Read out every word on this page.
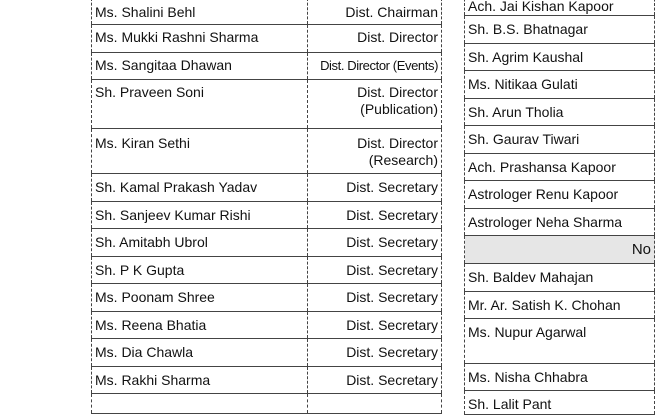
Ms. Shalini Behl	Dist. Chairman
Ms. Mukki Rashni Sharma	Dist. Director
Ms. Sangitaa Dhawan	Dist. Director (Events)
Sh. Praveen Soni	Dist. Director
(Publication)

Ms. Kiran Sethi	Dist. Director
(Research)

Sh. Kamal Prakash Yadav	Dist. Secretary
Sh. Sanjeev Kumar Rishi	Dist. Secretary
Sh. Amitabh Ubrol	Dist. Secretary
Sh. P K Gupta	Dist. Secretary
Ms. Poonam Shree	Dist. Secretary
Ms. Reena Bhatia	Dist. Secretary
Ms. Dia Chawla	Dist. Secretary
Ms. Rakhi Sharma	Dist. Secretary

Ach. Jai Kishan Kapoor
Sh. B.S. Bhatnagar
Sh. Agrim Kaushal
Ms. Nitikaa Gulati
Sh. Arun Tholia
Sh. Gaurav Tiwari
Ach. Prashansa Kapoor
Astrologer Renu Kapoor
Astrologer Neha Sharma
No
Sh. Baldev Mahajan
Mr. Ar. Satish K. Chohan
Ms. Nupur Agarwal
Ms. Nisha Chhabra
Sh. Lalit Pant
